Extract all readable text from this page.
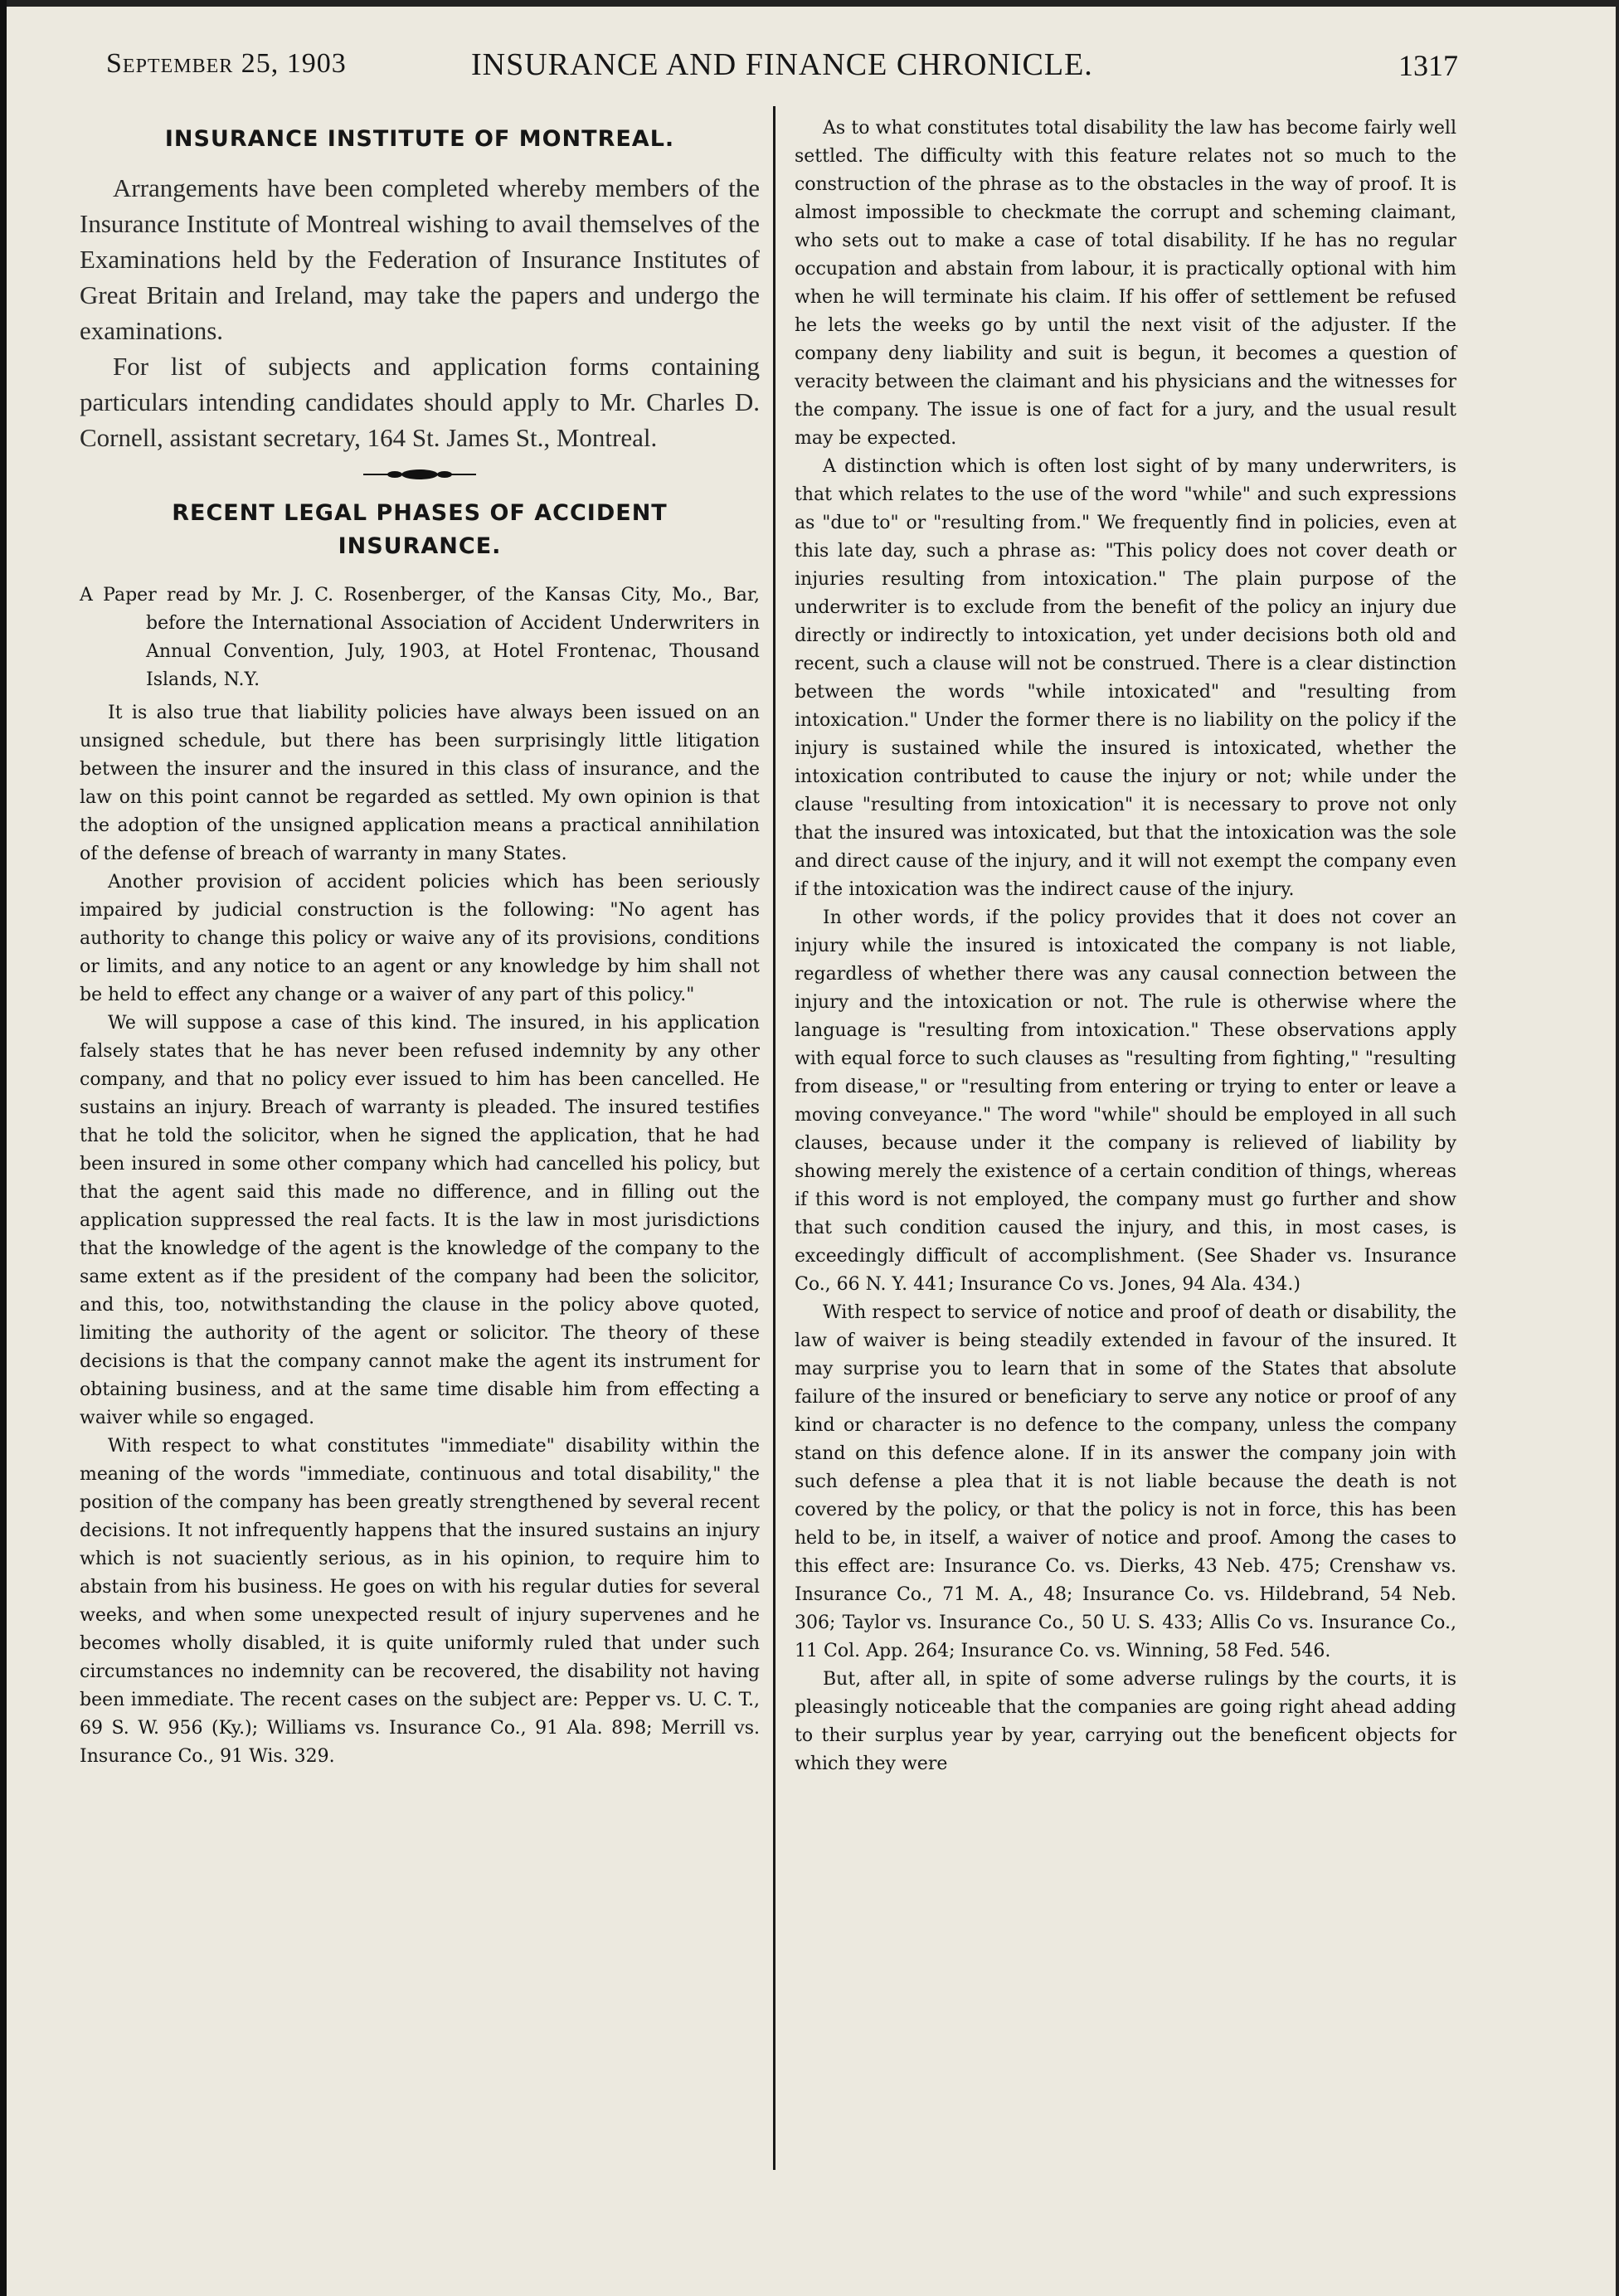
September 25, 1903	INSURANCE AND FINANCE CHRONICLE.	1317
INSURANCE INSTITUTE OF MONTREAL.

Arrangements have been completed whereby members of the Insurance Institute of Montreal wishing to avail themselves of the Examinations held by the Federation of Insurance Institutes of Great Britain and Ireland, may take the papers and undergo the examinations.

For list of subjects and application forms containing particulars intending candidates should apply to Mr. Charles D. Cornell, assistant secretary, 164 St. James St., Montreal.

RECENT LEGAL PHASES OF ACCIDENT
INSURANCE.

A Paper read by Mr. J. C. Rosenberger, of the Kansas City, Mo., Bar, before the International Association of Accident Underwriters in Annual Convention, July, 1903, at Hotel Frontenac, Thousand Islands, N.Y.

It is also true that liability policies have always been issued on an unsigned schedule, but there has been surprisingly little litigation between the insurer and the insured in this class of insurance, and the law on this point cannot be regarded as settled. My own opinion is that the adoption of the unsigned application means a practical annihilation of the defense of breach of warranty in many States.

Another provision of accident policies which has been seriously impaired by judicial construction is the following: "No agent has authority to change this policy or waive any of its provisions, conditions or limits, and any notice to an agent or any knowledge by him shall not be held to effect any change or a waiver of any part of this policy."

We will suppose a case of this kind. The insured, in his application falsely states that he has never been refused indemnity by any other company, and that no policy ever issued to him has been cancelled. He sustains an injury. Breach of warranty is pleaded. The insured testifies that he told the solicitor, when he signed the application, that he had been insured in some other company which had cancelled his policy, but that the agent said this made no difference, and in filling out the application suppressed the real facts. It is the law in most jurisdictions that the knowledge of the agent is the knowledge of the company to the same extent as if the president of the company had been the solicitor, and this, too, notwithstanding the clause in the policy above quoted, limiting the authority of the agent or solicitor. The theory of these decisions is that the company cannot make the agent its instrument for obtaining business, and at the same time disable him from effecting a waiver while so engaged.

With respect to what constitutes "immediate" disability within the meaning of the words "immediate, continuous and total disability," the position of the company has been greatly strengthened by several recent decisions. It not infrequently happens that the insured sustains an injury which is not suaciently serious, as in his opinion, to require him to abstain from his business. He goes on with his regular duties for several weeks, and when some unexpected result of injury supervenes and he becomes wholly disabled, it is quite uniformly ruled that under such circumstances no indemnity can be recovered, the disability not having been immediate. The recent cases on the subject are: Pepper vs. U. C. T., 69 S. W. 956 (Ky.); Williams vs. Insurance Co., 91 Ala. 898; Merrill vs. Insurance Co., 91 Wis. 329.

As to what constitutes total disability the law has become fairly well settled. The difficulty with this feature relates not so much to the construction of the phrase as to the obstacles in the way of proof. It is almost impossible to checkmate the corrupt and scheming claimant, who sets out to make a case of total disability. If he has no regular occupation and abstain from labour, it is practically optional with him when he will terminate his claim. If his offer of settlement be refused he lets the weeks go by until the next visit of the adjuster. If the company deny liability and suit is begun, it becomes a question of veracity between the claimant and his physicians and the witnesses for the company. The issue is one of fact for a jury, and the usual result may be expected.

A distinction which is often lost sight of by many underwriters, is that which relates to the use of the word "while" and such expressions as "due to" or "resulting from." We frequently find in policies, even at this late day, such a phrase as: "This policy does not cover death or injuries resulting from intoxication." The plain purpose of the underwriter is to exclude from the benefit of the policy an injury due directly or indirectly to intoxication, yet under decisions both old and recent, such a clause will not be construed. There is a clear distinction between the words "while intoxicated" and "resulting from intoxication." Under the former there is no liability on the policy if the injury is sustained while the insured is intoxicated, whether the intoxication contributed to cause the injury or not; while under the clause "resulting from intoxication" it is necessary to prove not only that the insured was intoxicated, but that the intoxication was the sole and direct cause of the injury, and it will not exempt the company even if the intoxication was the indirect cause of the injury.

In other words, if the policy provides that it does not cover an injury while the insured is intoxicated the company is not liable, regardless of whether there was any causal connection between the injury and the intoxication or not. The rule is otherwise where the language is "resulting from intoxication." These observations apply with equal force to such clauses as "resulting from fighting," "resulting from disease," or "resulting from entering or trying to enter or leave a moving conveyance." The word "while" should be employed in all such clauses, because under it the company is relieved of liability by showing merely the existence of a certain condition of things, whereas if this word is not employed, the company must go further and show that such condition caused the injury, and this, in most cases, is exceedingly difficult of accomplishment. (See Shader vs. Insurance Co., 66 N. Y. 441; Insurance Co vs. Jones, 94 Ala. 434.)

With respect to service of notice and proof of death or disability, the law of waiver is being steadily extended in favour of the insured. It may surprise you to learn that in some of the States that absolute failure of the insured or beneficiary to serve any notice or proof of any kind or character is no defence to the company, unless the company stand on this defence alone. If in its answer the company join with such defense a plea that it is not liable because the death is not covered by the policy, or that the policy is not in force, this has been held to be, in itself, a waiver of notice and proof. Among the cases to this effect are: Insurance Co. vs. Dierks, 43 Neb. 475; Crenshaw vs. Insurance Co., 71 M. A., 48; Insurance Co. vs. Hildebrand, 54 Neb. 306; Taylor vs. Insurance Co., 50 U. S. 433; Allis Co vs. Insurance Co., 11 Col. App. 264; Insurance Co. vs. Winning, 58 Fed. 546.

But, after all, in spite of some adverse rulings by the courts, it is pleasingly noticeable that the companies are going right ahead adding to their surplus year by year, carrying out the beneficent objects for which they were
